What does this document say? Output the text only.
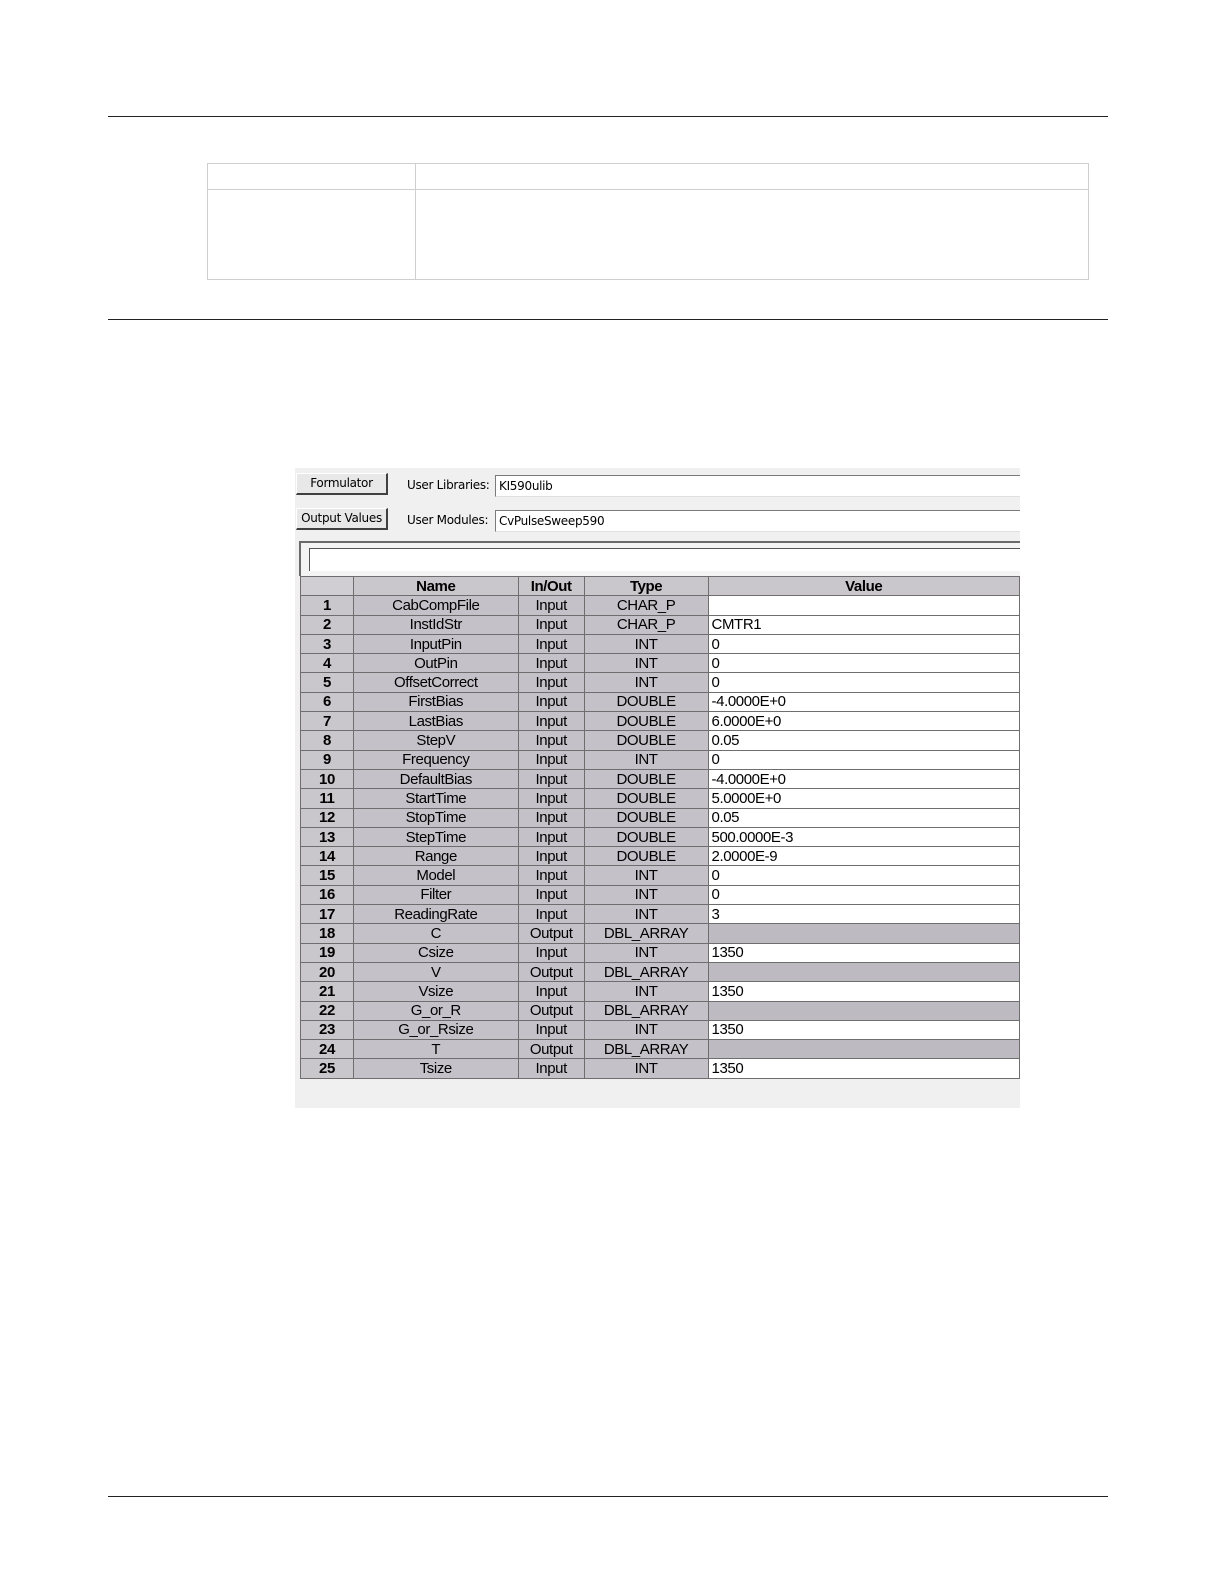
Formulator
Output Values
User Libraries: KI590ulib
User Modules: CvPulseSweep590
	Name	In/Out	Type	Value
1	CabCompFile	Input	CHAR_P	
2	InstIdStr	Input	CHAR_P	CMTR1
3	InputPin	Input	INT	0
4	OutPin	Input	INT	0
5	OffsetCorrect	Input	INT	0
6	FirstBias	Input	DOUBLE	-4.0000E+0
7	LastBias	Input	DOUBLE	6.0000E+0
8	StepV	Input	DOUBLE	0.05
9	Frequency	Input	INT	0
10	DefaultBias	Input	DOUBLE	-4.0000E+0
11	StartTime	Input	DOUBLE	5.0000E+0
12	StopTime	Input	DOUBLE	0.05
13	StepTime	Input	DOUBLE	500.0000E-3
14	Range	Input	DOUBLE	2.0000E-9
15	Model	Input	INT	0
16	Filter	Input	INT	0
17	ReadingRate	Input	INT	3
18	C	Output	DBL_ARRAY	
19	Csize	Input	INT	1350
20	V	Output	DBL_ARRAY	
21	Vsize	Input	INT	1350
22	G_or_R	Output	DBL_ARRAY	
23	G_or_Rsize	Input	INT	1350
24	T	Output	DBL_ARRAY	
25	Tsize	Input	INT	1350
